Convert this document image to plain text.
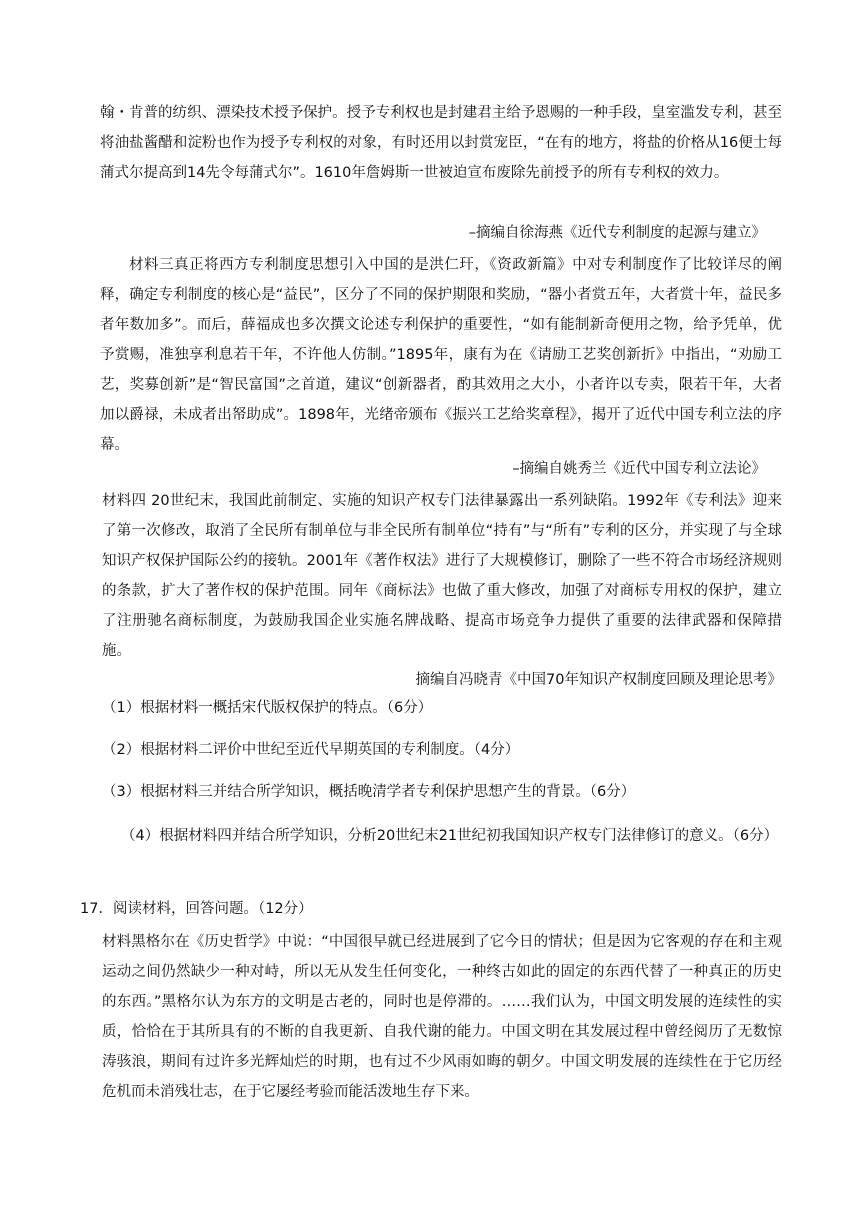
翰・肯普的纺织、漂染技术授予保护。授予专利权也是封建君主给予恩赐的一种手段，皇室滥发专利，甚至将油盐酱醋和淀粉也作为授予专利权的对象，有时还用以封赏宠臣，“在有的地方，将盐的价格从16便士每蒲式尔提高到14先令每蒲式尔”。1610年詹姆斯一世被迫宣布废除先前授予的所有专利权的效力。

–摘编自徐海燕《近代专利制度的起源与建立》

材料三真正将西方专利制度思想引入中国的是洪仁玕，《资政新篇》中对专利制度作了比较详尽的阐释，确定专利制度的核心是“益民”，区分了不同的保护期限和奖励，“器小者赏五年，大者赏十年，益民多者年数加多”。而后，薛福成也多次撰文论述专利保护的重要性，“如有能制新奇便用之物，给予凭单，优予赏赐，准独享利息若干年，不许他人仿制。”1895年，康有为在《请励工艺奖创新折》中指出，“劝励工艺，奖募创新”是“智民富国”之首道，建议“创新器者，酌其效用之大小，小者许以专卖，限若干年，大者加以爵禄，未成者出帑助成”。1898年，光绪帝颁布《振兴工艺给奖章程》，揭开了近代中国专利立法的序幕。

–摘编自姚秀兰《近代中国专利立法论》

材料四 20世纪末，我国此前制定、实施的知识产权专门法律暴露出一系列缺陷。1992年《专利法》迎来了第一次修改，取消了全民所有制单位与非全民所有制单位“持有”与“所有”专利的区分，并实现了与全球知识产权保护国际公约的接轨。2001年《著作权法》进行了大规模修订，删除了一些不符合市场经济规则的条款，扩大了著作权的保护范围。同年《商标法》也做了重大修改，加强了对商标专用权的保护，建立了注册驰名商标制度，为鼓励我国企业实施名牌战略、提高市场竞争力提供了重要的法律武器和保障措施。

摘编自冯晓青《中国70年知识产权制度回顾及理论思考》

（1）根据材料一概括宋代版权保护的特点。（6分）

（2）根据材料二评价中世纪至近代早期英国的专利制度。（4分）

（3）根据材料三并结合所学知识，概括晚清学者专利保护思想产生的背景。（6分）

（4）根据材料四并结合所学知识，分析20世纪末21世纪初我国知识产权专门法律修订的意义。（6分）

17．阅读材料，回答问题。（12分）

材料黑格尔在《历史哲学》中说：“中国很早就已经进展到了它今日的情状；但是因为它客观的存在和主观运动之间仍然缺少一种对峙，所以无从发生任何变化，一种终古如此的固定的东西代替了一种真正的历史的东西。”黑格尔认为东方的文明是古老的，同时也是停滞的。……我们认为，中国文明发展的连续性的实质，恰恰在于其所具有的不断的自我更新、自我代谢的能力。中国文明在其发展过程中曾经阅历了无数惊涛骇浪，期间有过许多光辉灿烂的时期，也有过不少风雨如晦的朝夕。中国文明发展的连续性在于它历经危机而未消残壮志，在于它屡经考验而能活泼地生存下来。
